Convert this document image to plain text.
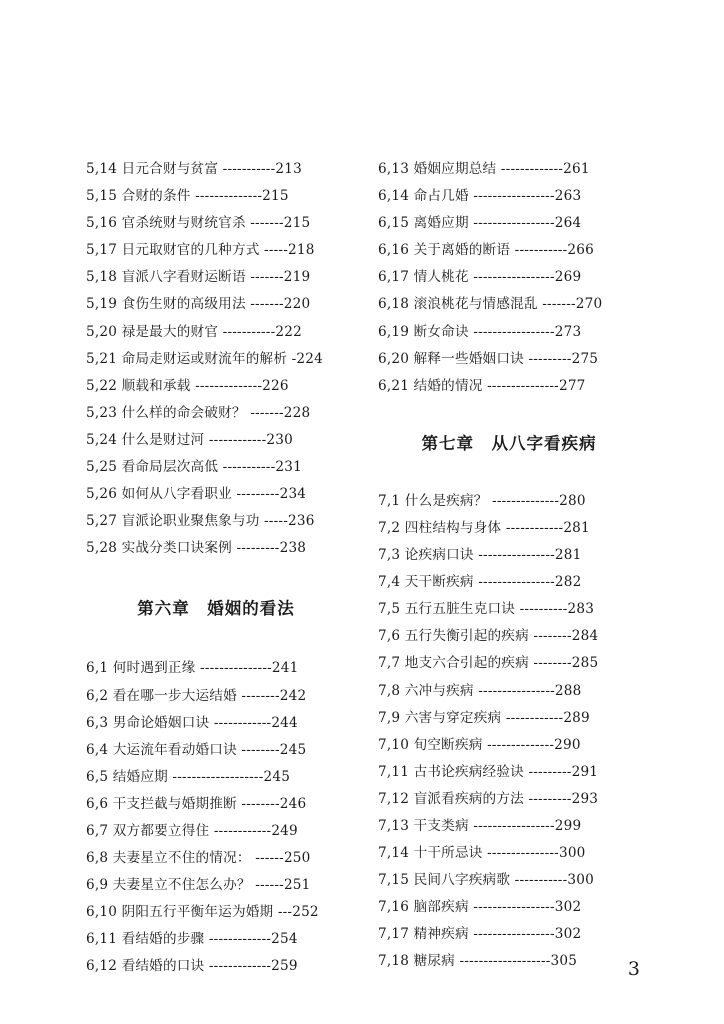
5,14 日元合财与贫富 -----------213
5,15 合财的条件 --------------215
5,16 官杀统财与财统官杀 -------215
5,17 日元取财官的几种方式 -----218
5,18 盲派八字看财运断语 -------219
5,19 食伤生财的高级用法 -------220
5,20 禄是最大的财官 -----------222
5,21 命局走财运或财流年的解析 -224
5,22 顺载和承载 --------------226
5,23 什么样的命会破财？ -------228
5,24 什么是财过河 ------------230
5,25 看命局层次高低 -----------231
5,26 如何从八字看职业 ---------234
5,27 盲派论职业聚焦象与功 -----236
5,28 实战分类口诀案例 ---------238
第六章　婚姻的看法
6,1 何时遇到正缘 ---------------241
6,2 看在哪一步大运结婚 --------242
6,3 男命论婚姻口诀 ------------244
6,4 大运流年看动婚口诀 --------245
6,5 结婚应期 -------------------245
6,6 干支拦截与婚期推断 --------246
6,7 双方都要立得住 ------------249
6,8 夫妻星立不住的情况： ------250
6,9 夫妻星立不住怎么办？ ------251
6,10 阴阳五行平衡年运为婚期 ---252
6,11 看结婚的步骤 -------------254
6,12 看结婚的口诀 -------------259
6,13 婚姻应期总结 -------------261
6,14 命占几婚 -----------------263
6,15 离婚应期 -----------------264
6,16 关于离婚的断语 -----------266
6,17 情人桃花 -----------------269
6,18 滚浪桃花与情感混乱 -------270
6,19 断女命诀 -----------------273
6,20 解释一些婚姻口诀 ---------275
6,21 结婚的情况 ---------------277
第七章　从八字看疾病
7,1 什么是疾病？ --------------280
7,2 四柱结构与身体 ------------281
7,3 论疾病口诀 ----------------281
7,4 天干断疾病 ----------------282
7,5 五行五脏生克口诀 ----------283
7,6 五行失衡引起的疾病 --------284
7,7 地支六合引起的疾病 --------285
7,8 六冲与疾病 ----------------288
7,9 六害与穿定疾病 ------------289
7,10 旬空断疾病 --------------290
7,11 古书论疾病经验诀 ---------291
7,12 盲派看疾病的方法 ---------293
7,13 干支类病 -----------------299
7,14 十干所忌诀 ---------------300
7,15 民间八字疾病歌 -----------300
7,16 脑部疾病 -----------------302
7,17 精神疾病 -----------------302
7,18 糖尿病 -------------------305	3
